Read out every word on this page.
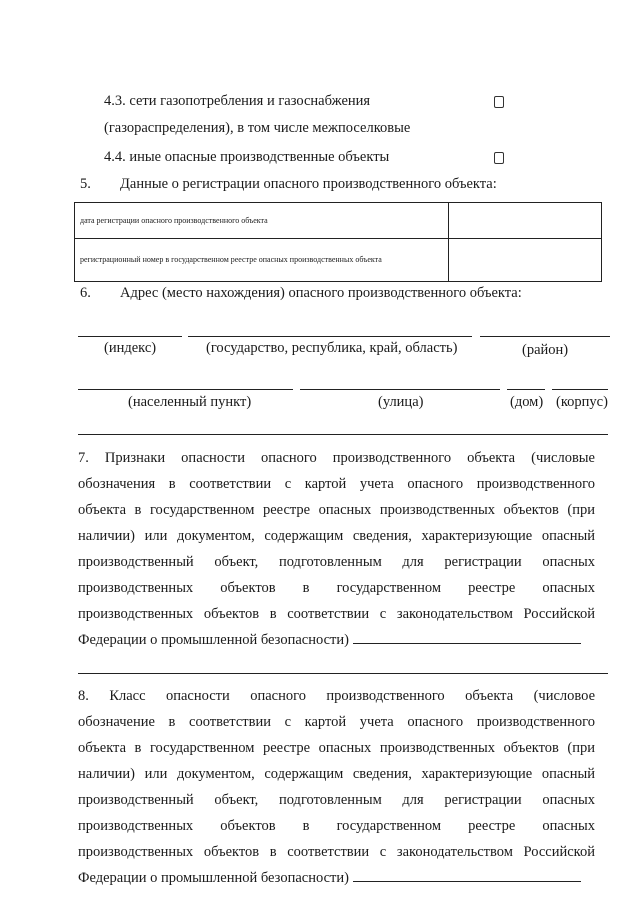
4.3. сети газопотребления и газоснабжения
(газораспределения), в том числе межпоселковые
4.4. иные опасные производственные объекты
5. Данные о регистрации опасного производственного объекта:
дата регистрации опасного производственного объекта	
регистрационный номер в государственном реестре опасных производственных объекта	
6. Адрес (место нахождения) опасного производственного объекта:
(индекс)	(государство, республика, край, область)	(район)
(населенный пункт)	(улица)	(дом) (корпус)
7. Признаки опасности опасного производственного объекта (числовые
обозначения в соответствии с картой учета опасного производственного
объекта в государственном реестре опасных производственных объектов (при
наличии) или документом, содержащим сведения, характеризующие опасный
производственный объект, подготовленным для регистрации опасных
производственных объектов в государственном реестре опасных
производственных объектов в соответствии с законодательством Российской
Федерации о промышленной безопасности)
8. Класс опасности опасного производственного объекта (числовое
обозначение в соответствии с картой учета опасного производственного
объекта в государственном реестре опасных производственных объектов (при
наличии) или документом, содержащим сведения, характеризующие опасный
производственный объект, подготовленным для регистрации опасных
производственных объектов в государственном реестре опасных
производственных объектов в соответствии с законодательством Российской
Федерации о промышленной безопасности)
